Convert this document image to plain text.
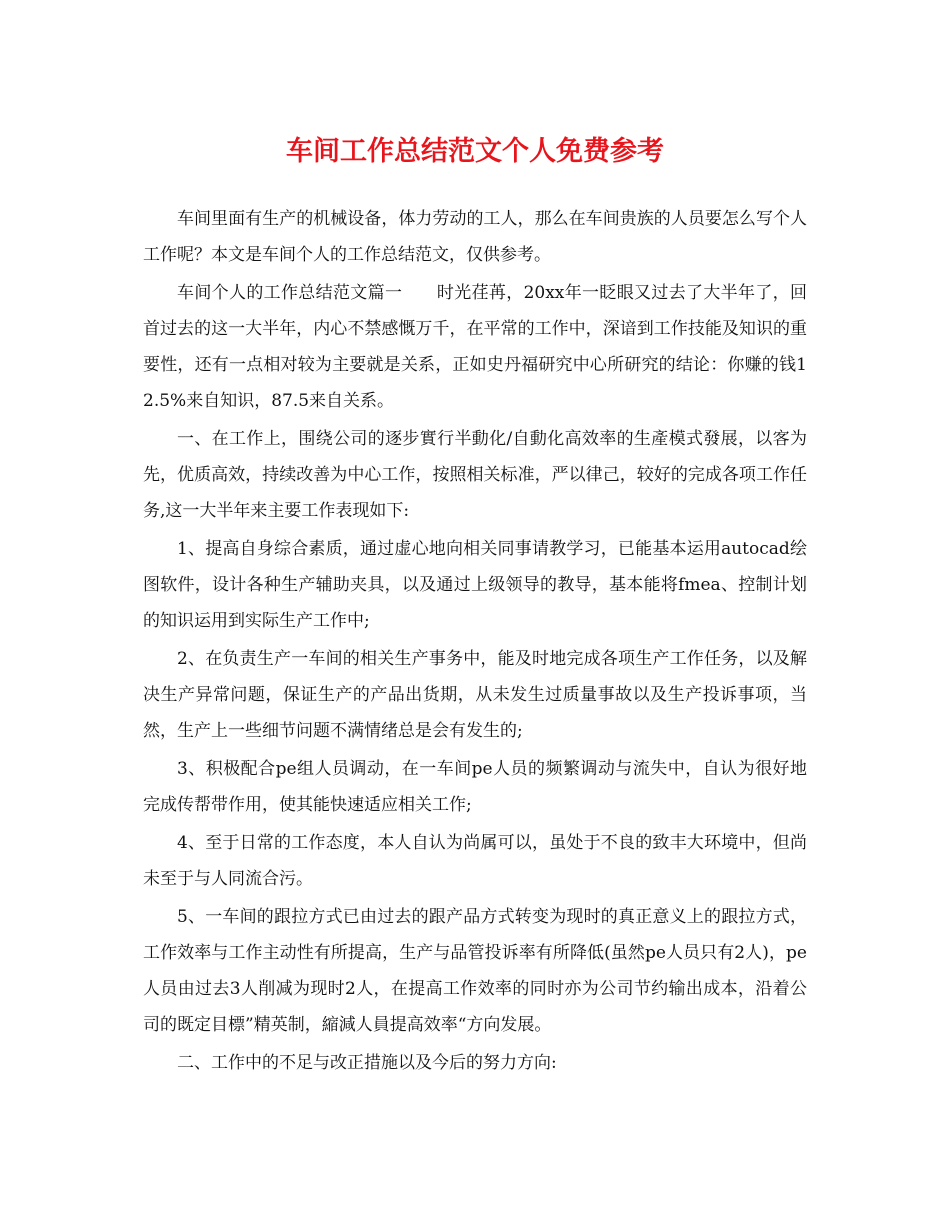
车间工作总结范文个人免费参考

车间里面有生产的机械设备，体力劳动的工人，那么在车间贵族的人员要怎么写个人工作呢？本文是车间个人的工作总结范文，仅供参考。

车间个人的工作总结范文篇一　　时光荏苒，20xx年一眨眼又过去了大半年了，回首过去的这一大半年，内心不禁感慨万千，在平常的工作中，深谙到工作技能及知识的重要性，还有一点相对较为主要就是关系，正如史丹福研究中心所研究的结论：你赚的钱12.5%来自知识，87.5来自关系。

一、在工作上，围绕公司的逐步實行半動化/自動化高效率的生產模式發展，以客为先，优质高效，持续改善为中心工作，按照相关标准，严以律己，较好的完成各项工作任务,这一大半年来主要工作表现如下:

1、提高自身综合素质，通过虚心地向相关同事请教学习，已能基本运用autocad绘图软件，设计各种生产辅助夹具，以及通过上级领导的教导，基本能将fmea、控制计划的知识运用到实际生产工作中;

2、在负责生产一车间的相关生产事务中，能及时地完成各项生产工作任务，以及解决生产异常问题，保证生产的产品出货期，从未发生过质量事故以及生产投诉事项，当然，生产上一些细节问题不满情绪总是会有发生的;

3、积极配合pe组人员调动，在一车间pe人员的频繁调动与流失中，自认为很好地完成传帮带作用，使其能快速适应相关工作;

4、至于日常的工作态度，本人自认为尚属可以，虽处于不良的致丰大环境中，但尚未至于与人同流合污。

5、一车间的跟拉方式已由过去的跟产品方式转变为现时的真正意义上的跟拉方式，工作效率与工作主动性有所提高，生产与品管投诉率有所降低(虽然pe人员只有2人)，pe人员由过去3人削减为现时2人，在提高工作效率的同时亦为公司节约输出成本，沿着公司的既定目標”精英制，縮減人員提高效率“方向发展。

二、工作中的不足与改正措施以及今后的努力方向:
